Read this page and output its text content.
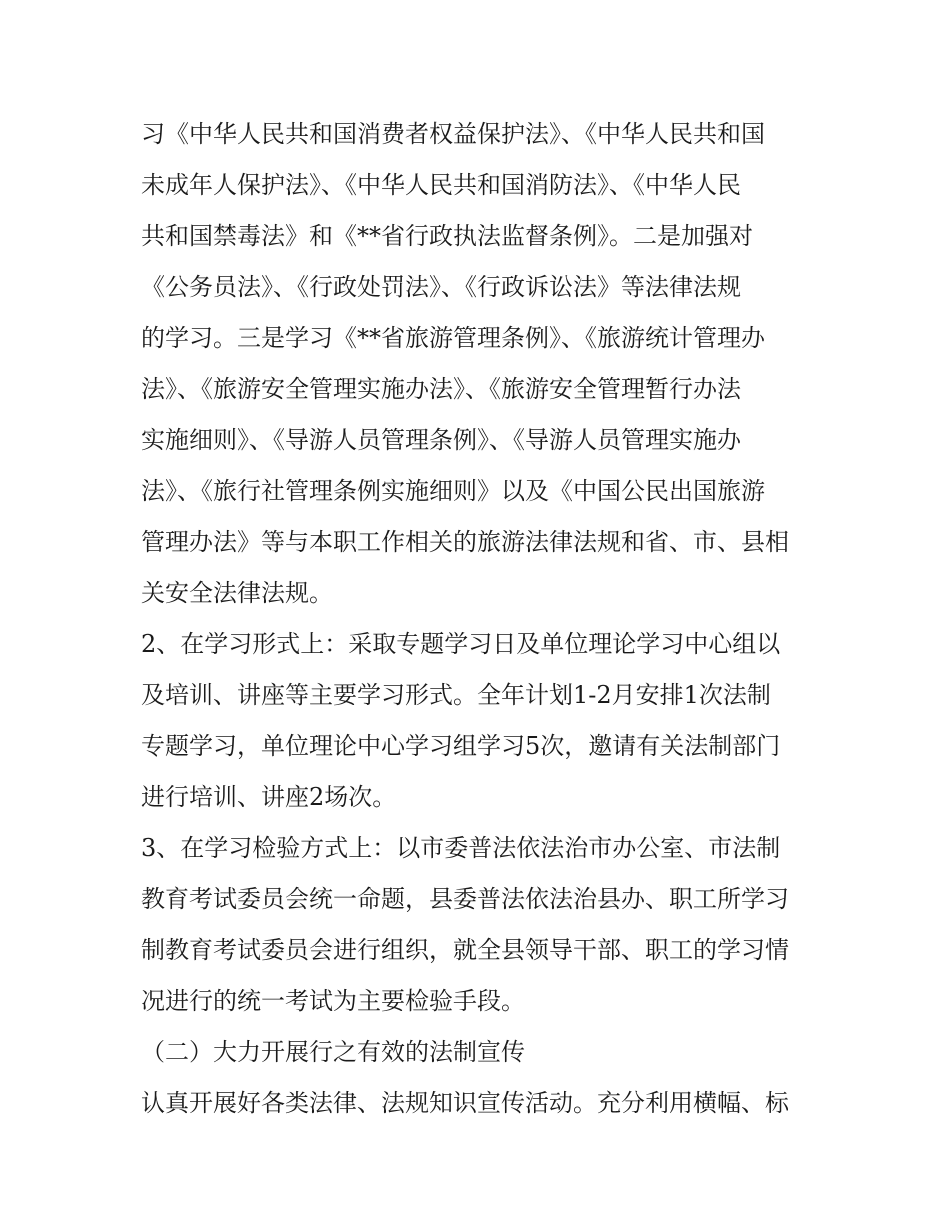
习《中华人民共和国消费者权益保护法》、《中华人民共和国
未成年人保护法》、《中华人民共和国消防法》、《中华人民
共和国禁毒法》和《**省行政执法监督条例》。二是加强对
《公务员法》、《行政处罚法》、《行政诉讼法》等法律法规
的学习。三是学习《**省旅游管理条例》、《旅游统计管理办
法》、《旅游安全管理实施办法》、《旅游安全管理暂行办法
实施细则》、《导游人员管理条例》、《导游人员管理实施办
法》、《旅行社管理条例实施细则》以及《中国公民出国旅游
管理办法》等与本职工作相关的旅游法律法规和省、市、县相
关安全法律法规。
2、在学习形式上：采取专题学习日及单位理论学习中心组以
及培训、讲座等主要学习形式。全年计划1-2月安排1次法制
专题学习，单位理论中心学习组学习5次，邀请有关法制部门
进行培训、讲座2场次。
3、在学习检验方式上：以市委普法依法治市办公室、市法制
教育考试委员会统一命题，县委普法依法治县办、职工所学习
制教育考试委员会进行组织，就全县领导干部、职工的学习情
况进行的统一考试为主要检验手段。
（二）大力开展行之有效的法制宣传
认真开展好各类法律、法规知识宣传活动。充分利用横幅、标
